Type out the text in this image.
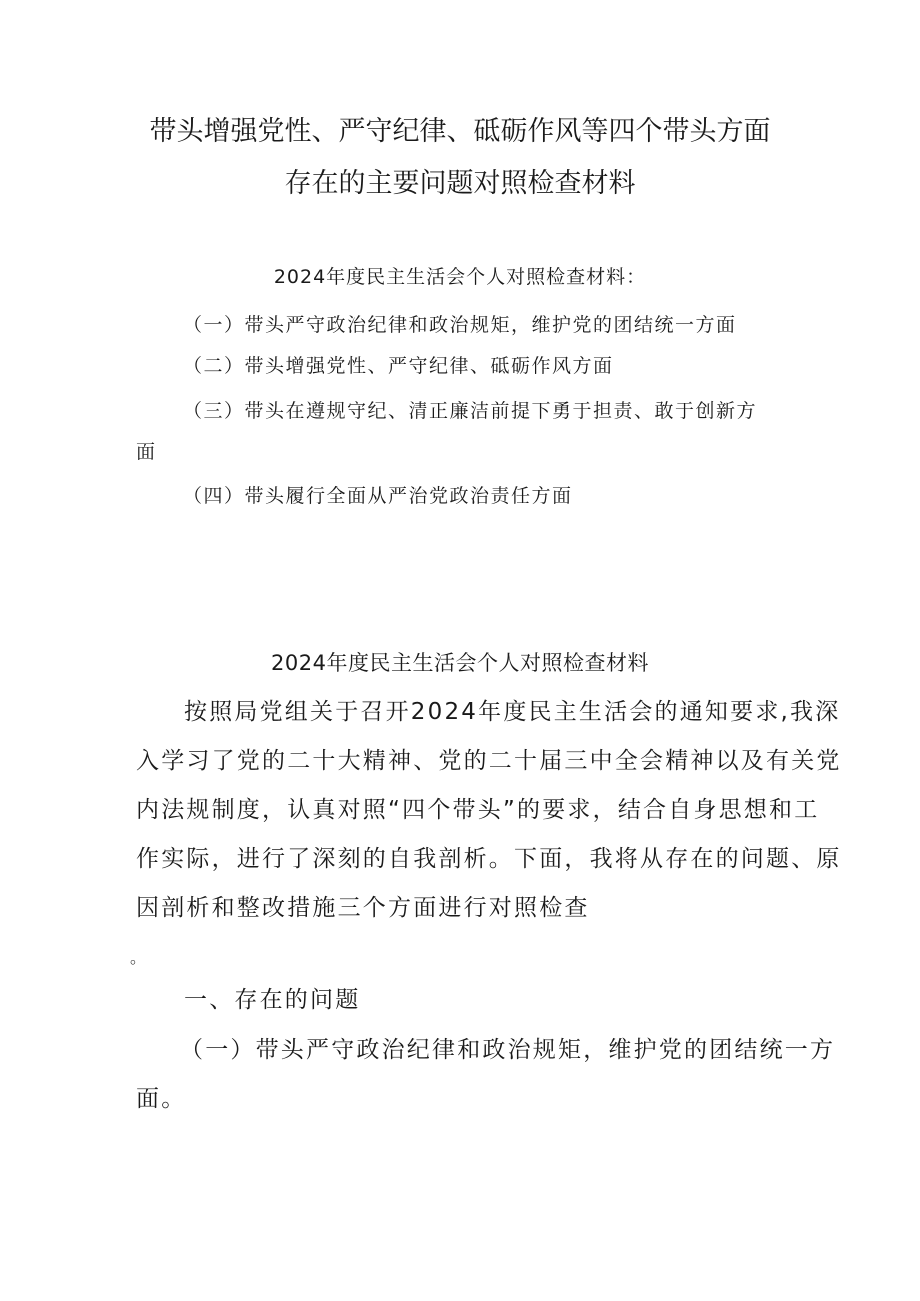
带头增强党性、严守纪律、砥砺作风等四个带头方面
存在的主要问题对照检查材料
2024年度民主生活会个人对照检查材料：
（一）带头严守政治纪律和政治规矩，维护党的团结统一方面
（二）带头增强党性、严守纪律、砥砺作风方面
（三）带头在遵规守纪、清正廉洁前提下勇于担责、敢于创新方
面
（四）带头履行全面从严治党政治责任方面
2024年度民主生活会个人对照检查材料
按照局党组关于召开2024年度民主生活会的通知要求,我深
入学习了党的二十大精神、党的二十届三中全会精神以及有关党
内法规制度，认真对照“四个带头”的要求，结合自身思想和工
作实际，进行了深刻的自我剖析。下面，我将从存在的问题、原
因剖析和整改措施三个方面进行对照检查
。
一、存在的问题
（一）带头严守政治纪律和政治规矩，维护党的团结统一方
面。
